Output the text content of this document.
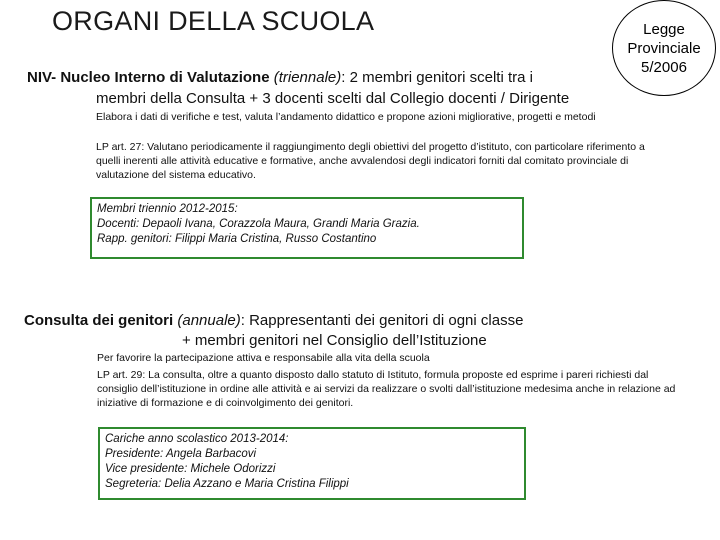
ORGANI DELLA SCUOLA	Legge
Provinciale
5/2006
NIV- Nucleo Interno di Valutazione (triennale): 2 membri genitori scelti tra i
membri della Consulta + 3 docenti scelti dal Collegio docenti / Dirigente
Elabora i dati di verifiche e test, valuta l’andamento didattico e propone azioni migliorative, progetti e metodi
LP art. 27: Valutano periodicamente il raggiungimento degli obiettivi del progetto d’istituto, con particolare riferimento a quelli inerenti alle attività educative e formative, anche avvalendosi degli indicatori forniti dal comitato provinciale di valutazione del sistema educativo.
Membri triennio 2012-2015:
Docenti: Depaoli Ivana, Corazzola Maura, Grandi Maria Grazia.
Rapp. genitori: Filippi Maria Cristina, Russo Costantino
Consulta dei genitori (annuale): Rappresentanti dei genitori di ogni classe
+ membri genitori nel Consiglio dell’Istituzione
Per favorire la partecipazione attiva e responsabile alla vita della scuola
LP art. 29: La consulta, oltre a quanto disposto dallo statuto di Istituto, formula proposte ed esprime i pareri richiesti dal consiglio dell’istituzione in ordine alle attività e ai servizi da realizzare o svolti dall’istituzione medesima anche in relazione ad iniziative di formazione e di coinvolgimento dei genitori.
Cariche anno scolastico 2013-2014:
Presidente: Angela Barbacovi
Vice presidente: Michele Odorizzi
Segreteria: Delia Azzano e Maria Cristina Filippi
